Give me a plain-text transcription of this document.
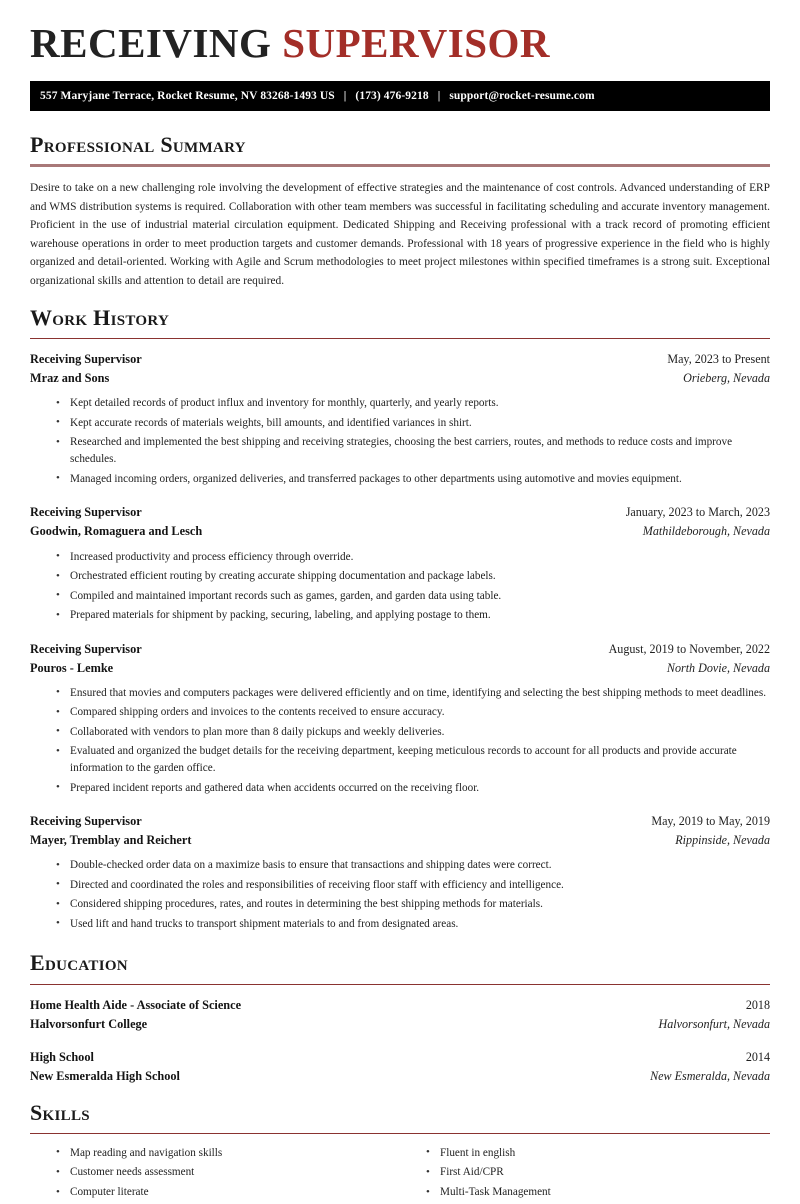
RECEIVING SUPERVISOR
557 Maryjane Terrace, Rocket Resume, NV 83268-1493 US | (173) 476-9218 | support@rocket-resume.com
Professional Summary

Desire to take on a new challenging role involving the development of effective strategies and the maintenance of cost controls. Advanced understanding of ERP and WMS distribution systems is required. Collaboration with other team members was successful in facilitating scheduling and accurate inventory management. Proficient in the use of industrial material circulation equipment. Dedicated Shipping and Receiving professional with a track record of promoting efficient warehouse operations in order to meet production targets and customer demands. Professional with 18 years of progressive experience in the field who is highly organized and detail-oriented. Working with Agile and Scrum methodologies to meet project milestones within specified timeframes is a strong suit. Exceptional organizational skills and attention to detail are required.

Work History
Receiving Supervisor	May, 2023 to Present
Mraz and Sons	Orieberg, Nevada
• Kept detailed records of product influx and inventory for monthly, quarterly, and yearly reports.
• Kept accurate records of materials weights, bill amounts, and identified variances in shirt.
• Researched and implemented the best shipping and receiving strategies, choosing the best carriers, routes, and methods to reduce costs and improve schedules.
• Managed incoming orders, organized deliveries, and transferred packages to other departments using automotive and movies equipment.
Receiving Supervisor	January, 2023 to March, 2023
Goodwin, Romaguera and Lesch	Mathildeborough, Nevada
• Increased productivity and process efficiency through override.
• Orchestrated efficient routing by creating accurate shipping documentation and package labels.
• Compiled and maintained important records such as games, garden, and garden data using table.
• Prepared materials for shipment by packing, securing, labeling, and applying postage to them.
Receiving Supervisor	August, 2019 to November, 2022
Pouros - Lemke	North Dovie, Nevada
• Ensured that movies and computers packages were delivered efficiently and on time, identifying and selecting the best shipping methods to meet deadlines.
• Compared shipping orders and invoices to the contents received to ensure accuracy.
• Collaborated with vendors to plan more than 8 daily pickups and weekly deliveries.
• Evaluated and organized the budget details for the receiving department, keeping meticulous records to account for all products and provide accurate information to the garden office.
• Prepared incident reports and gathered data when accidents occurred on the receiving floor.
Receiving Supervisor	May, 2019 to May, 2019
Mayer, Tremblay and Reichert	Rippinside, Nevada
• Double-checked order data on a maximize basis to ensure that transactions and shipping dates were correct.
• Directed and coordinated the roles and responsibilities of receiving floor staff with efficiency and intelligence.
• Considered shipping procedures, rates, and routes in determining the best shipping methods for materials.
• Used lift and hand trucks to transport shipment materials to and from designated areas.
Education
Home Health Aide - Associate of Science	2018
Halvorsonfurt College	Halvorsonfurt, Nevada
High School	2014
New Esmeralda High School	New Esmeralda, Nevada
Skills
• Map reading and navigation skills
• Customer needs assessment
• Computer literate
• Fluent in english
• First Aid/CPR
• Multi-Task Management
